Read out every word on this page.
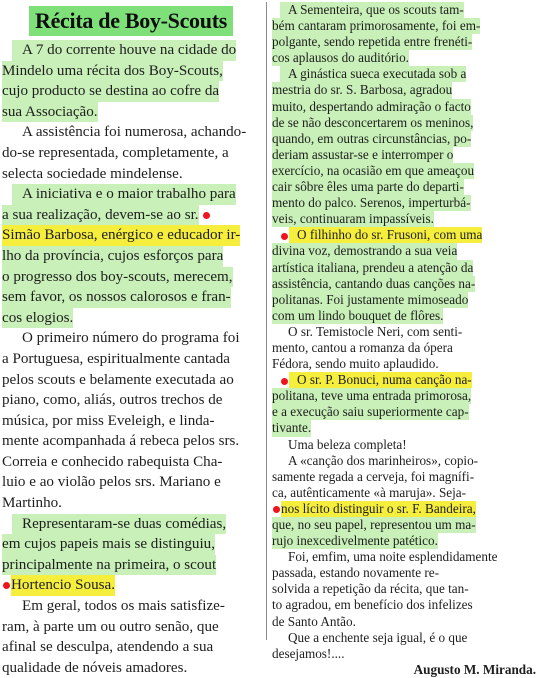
Récita de Boy-Scouts
A 7 do corrente houve na cidade do
Mindelo uma récita dos Boy-Scouts,
cujo producto se destina ao cofre da
sua Associação.
A assistência foi numerosa, achando-
do-se representada, completamente, a
selecta sociedade mindelense.
A iniciativa e o maior trabalho para
a sua realização, devem-se ao sr.
Simão Barbosa, enérgico e educador ir-
lho da província, cujos esforços para
o progresso dos boy-scouts, merecem,
sem favor, os nossos calorosos e fran-
cos elogios.
O primeiro número do programa foi
a Portuguesa, espiritualmente cantada
pelos scouts e belamente executada ao
piano, como, aliás, outros trechos de
música, por miss Eveleigh, e linda-
mente acompanhada á rebeca pelos srs.
Correia e conhecido rabequista Cha-
luio e ao violão pelos srs. Mariano e
Martinho.
Representaram-se duas comédias,
em cujos papeis mais se distinguiu,
principalmente na primeira, o scout
Hortencio Sousa.
Em geral, todos os mais satisfize-
ram, à parte um ou outro senão, que
afinal se desculpa, atendendo a sua
qualidade de nóveis amadores.
A Sementeira, que os scouts tam-
bém cantaram primorosamente, foi em-
polgante, sendo repetida entre frenéti-
cos aplausos do auditório.
A ginástica sueca executada sob a
mestria do sr. S. Barbosa, agradou
muito, despertando admiração o facto
de se não desconcertarem os meninos,
quando, em outras circunstâncias, po-
deriam assustar-se e interromper o
exercício, na ocasião em que ameaçou
cair sôbre êles uma parte do departi-
mento do palco. Serenos, imperturbá-
veis, continuaram impassíveis.
O filhinho do sr. Frusoni, com uma
divina voz, demostrando a sua veia
artística italiana, prendeu a atenção da
assistência, cantando duas canções na-
politanas. Foi justamente mimoseado
com um lindo bouquet de flôres.
O sr. Temistocle Neri, com senti-
mento, cantou a romanza da ópera
Fédora, sendo muito aplaudido.
O sr. P. Bonuci, numa canção na-
politana, teve uma entrada primorosa,
e a execução saiu superiormente cap-
tivante.
Uma beleza completa!
A «canção dos marinheiros», copio-
samente regada a cerveja, foi magnífi-
ca, autênticamente «à maruja». Seja-
nos lícito distinguir o sr. F. Bandeira,
que, no seu papel, representou um ma-
rujo inexcedivelmente patético.
Foi, emfim, uma noite esplendidamente
passada, estando novamente re-
solvida a repetição da récita, que tan-
to agradou, em benefício dos infelizes
de Santo Antão.
Que a enchente seja igual, é o que
desejamos!....
Augusto M. Miranda.
